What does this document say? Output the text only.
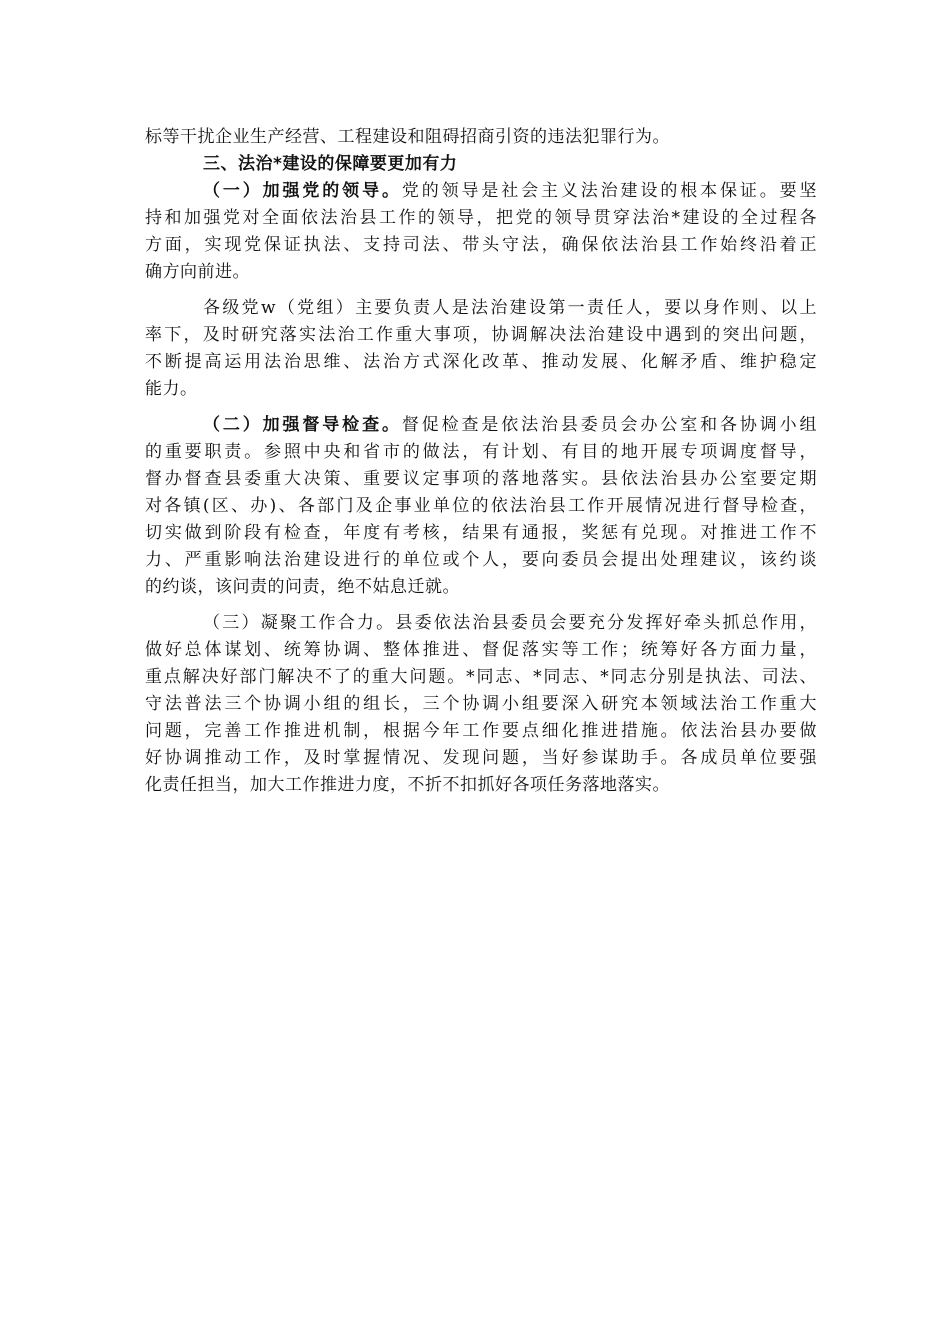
标等干扰企业生产经营、工程建设和阻碍招商引资的违法犯罪行为。
三、法治*建设的保障要更加有力
（一）加强党的领导。党的领导是社会主义法治建设的根本保证。要坚
持和加强党对全面依法治县工作的领导，把党的领导贯穿法治*建设的全过程各
方面，实现党保证执法、支持司法、带头守法，确保依法治县工作始终沿着正
确方向前进。
各级党w（党组）主要负责人是法治建设第一责任人，要以身作则、以上
率下，及时研究落实法治工作重大事项，协调解决法治建设中遇到的突出问题，
不断提高运用法治思维、法治方式深化改革、推动发展、化解矛盾、维护稳定
能力。
（二）加强督导检查。督促检查是依法治县委员会办公室和各协调小组
的重要职责。参照中央和省市的做法，有计划、有目的地开展专项调度督导，
督办督查县委重大决策、重要议定事项的落地落实。县依法治县办公室要定期
对各镇(区、办)、各部门及企事业单位的依法治县工作开展情况进行督导检查，
切实做到阶段有检查，年度有考核，结果有通报，奖惩有兑现。对推进工作不
力、严重影响法治建设进行的单位或个人，要向委员会提出处理建议，该约谈
的约谈，该问责的问责，绝不姑息迁就。
（三）凝聚工作合力。县委依法治县委员会要充分发挥好牵头抓总作用，
做好总体谋划、统筹协调、整体推进、督促落实等工作；统筹好各方面力量，
重点解决好部门解决不了的重大问题。*同志、*同志、*同志分别是执法、司法、
守法普法三个协调小组的组长，三个协调小组要深入研究本领域法治工作重大
问题，完善工作推进机制，根据今年工作要点细化推进措施。依法治县办要做
好协调推动工作，及时掌握情况、发现问题，当好参谋助手。各成员单位要强
化责任担当，加大工作推进力度，不折不扣抓好各项任务落地落实。
